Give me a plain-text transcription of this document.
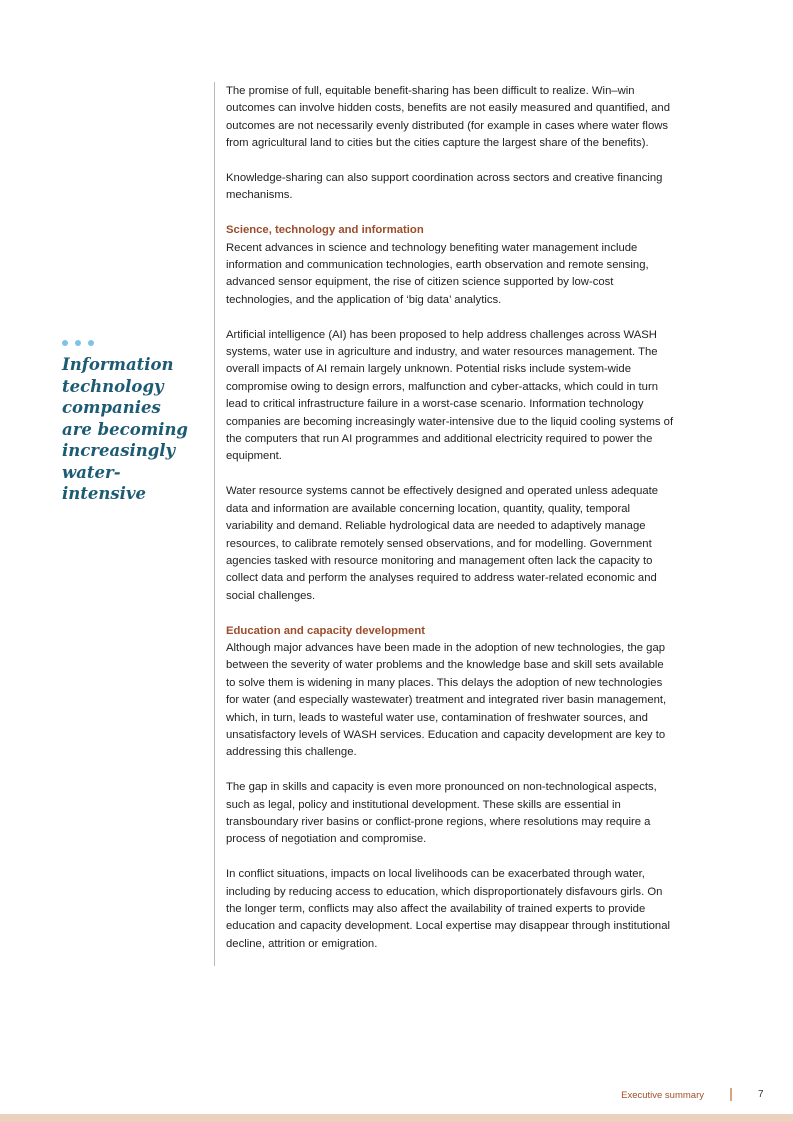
Information
technology
companies
are becoming
increasingly
water-intensive

The promise of full, equitable benefit-sharing has been difficult to realize. Win–win outcomes can involve hidden costs, benefits are not easily measured and quantified, and outcomes are not necessarily evenly distributed (for example in cases where water flows from agricultural land to cities but the cities capture the largest share of the benefits).

Knowledge-sharing can also support coordination across sectors and creative financing mechanisms.

Science, technology and information

Recent advances in science and technology benefiting water management include information and communication technologies, earth observation and remote sensing, advanced sensor equipment, the rise of citizen science supported by low-cost technologies, and the application of ‘big data’ analytics.

Artificial intelligence (AI) has been proposed to help address challenges across WASH systems, water use in agriculture and industry, and water resources management. The overall impacts of AI remain largely unknown. Potential risks include system-wide compromise owing to design errors, malfunction and cyber-attacks, which could in turn lead to critical infrastructure failure in a worst-case scenario. Information technology companies are becoming increasingly water-intensive due to the liquid cooling systems of the computers that run AI programmes and additional electricity required to power the equipment.

Water resource systems cannot be effectively designed and operated unless adequate data and information are available concerning location, quantity, quality, temporal variability and demand. Reliable hydrological data are needed to adaptively manage resources, to calibrate remotely sensed observations, and for modelling. Government agencies tasked with resource monitoring and management often lack the capacity to collect data and perform the analyses required to address water-related economic and social challenges.

Education and capacity development

Although major advances have been made in the adoption of new technologies, the gap between the severity of water problems and the knowledge base and skill sets available to solve them is widening in many places. This delays the adoption of new technologies for water (and especially wastewater) treatment and integrated river basin management, which, in turn, leads to wasteful water use, contamination of freshwater sources, and unsatisfactory levels of WASH services. Education and capacity development are key to addressing this challenge.

The gap in skills and capacity is even more pronounced on non-technological aspects, such as legal, policy and institutional development. These skills are essential in transboundary river basins or conflict-prone regions, where resolutions may require a process of negotiation and compromise.

In conflict situations, impacts on local livelihoods can be exacerbated through water, including by reducing access to education, which disproportionately disfavours girls. On the longer term, conflicts may also affect the availability of trained experts to provide education and capacity development. Local expertise may disappear through institutional decline, attrition or emigration.

Executive summary	7
